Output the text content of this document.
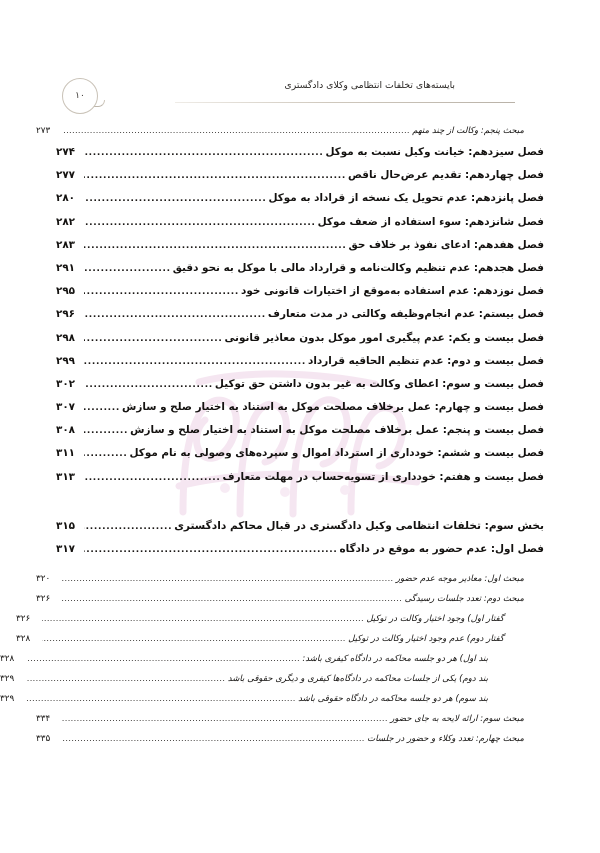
بایسته‌های تخلفات انتظامی وکلای دادگستری
۱۰
مبحث پنجم: وکالت از چند متهم
.....
۲۷۳
فصل سیزدهم: خیانت وکیل نسبت به موکل
.....
۲۷۴
فصل چهاردهم: تقدیم عرض‌حال ناقص
.....
۲۷۷
فصل پانزدهم: عدم تحویل یک نسخه از قراداد به موکل
.....
۲۸۰
فصل شانزدهم: سوء استفاده از ضعف موکل
.....
۲۸۲
فصل هفدهم: ادعای نفوذ بر خلاف حق
.....
۲۸۳
فصل هجدهم: عدم تنظیم وکالت‌نامه و قرارداد مالی با موکل به نحو دقیق
.....
۲۹۱
فصل نوزدهم: عدم استفاده به‌موقع از اختیارات قانونی خود
.....
۲۹۵
فصل بیستم: عدم انجام‌وظیفه وکالتی در مدت متعارف
.....
۲۹۶
فصل بیست و یکم: عدم پیگیری امور موکل بدون معاذیر قانونی
.....
۲۹۸
فصل بیست و دوم: عدم تنظیم الحاقیه قرارداد
.....
۲۹۹
فصل بیست و سوم: اعطای وکالت به غیر بدون داشتن حق توکیل
.....
۳۰۲
فصل بیست و چهارم: عمل برخلاف مصلحت موکل به استناد به اختیار صلح و سازش
.....
۳۰۷
فصل بیست و پنجم: عمل برخلاف مصلحت موکل به استناد به اختیار صلح و سازش
.....
۳۰۸
فصل بیست و ششم: خودداری از استرداد اموال و سپرده‌های وصولی به نام موکل
.....
۳۱۱
فصل بیست و هفتم: خودداری از تسویه‌حساب در مهلت متعارف
.....
۳۱۳
بخش سوم: تخلفات انتظامی وکیل دادگستری در قبال محاکم دادگستری
.....
۳۱۵
فصل اول: عدم حضور به موقع در دادگاه
.....
۳۱۷
مبحث اول: معاذیر موجه عدم حضور
.....
۳۲۰
مبحث دوم: تعدد جلسات رسیدگی
.....
۳۲۶
گفتار اول) وجود اختیار وکالت در توکیل
.....
۳۲۶
گفتار دوم) عدم وجود اختیار وکالت در توکیل
.....
۳۲۸
بند اول) هر دو جلسه محاکمه در دادگاه کیفری باشد:
.....
۳۲۸
بند دوم) یکی از جلسات محاکمه در دادگاه‌ها کیفری و دیگری حقوقی باشد
.....
۳۲۹
بند سوم) هر دو جلسه محاکمه در دادگاه حقوقی باشد
.....
۳۲۹
مبحث سوم: ارائه لایحه به جای حضور
.....
۳۳۴
مبحث چهارم: تعدد وکلاء و حضور در جلسات
.....
۳۳۵
